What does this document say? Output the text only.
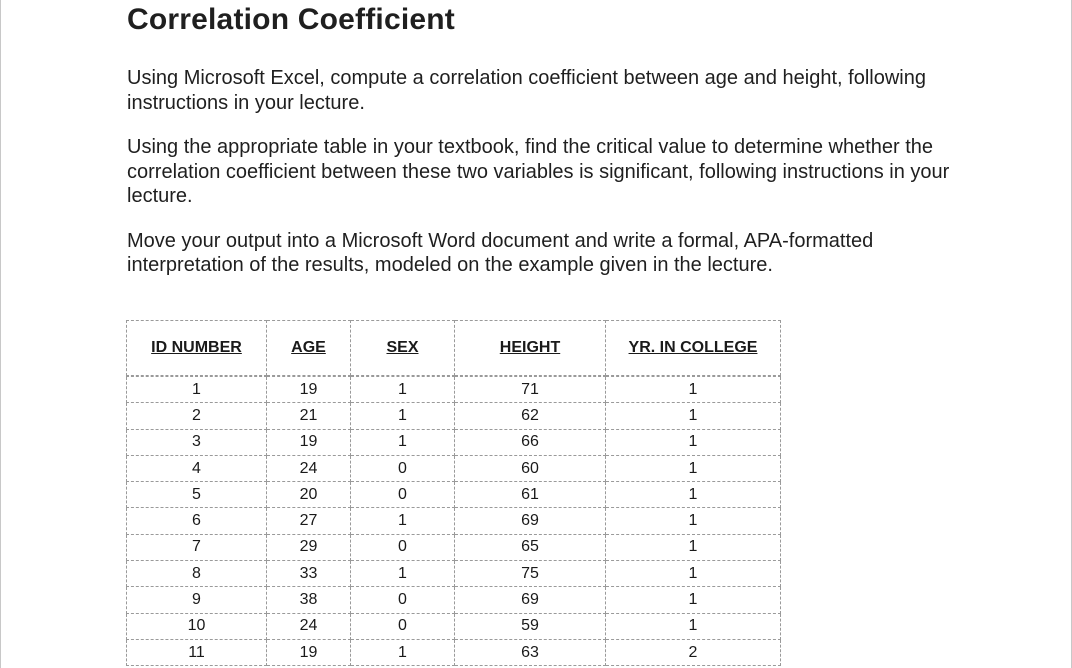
Correlation Coefficient

Using Microsoft Excel, compute a correlation coefficient between age and height, following instructions in your lecture.

Using the appropriate table in your textbook, find the critical value to determine whether the correlation coefficient between these two variables is significant, following instructions in your lecture.

Move your output into a Microsoft Word document and write a formal, APA-formatted interpretation of the results, modeled on the example given in the lecture.

ID NUMBER	AGE	SEX	HEIGHT	YR. IN COLLEGE

1	19	1	71	1
2	21	1	62	1
3	19	1	66	1
4	24	0	60	1
5	20	0	61	1
6	27	1	69	1
7	29	0	65	1
8	33	1	75	1
9	38	0	69	1
10	24	0	59	1
11	19	1	63	2
